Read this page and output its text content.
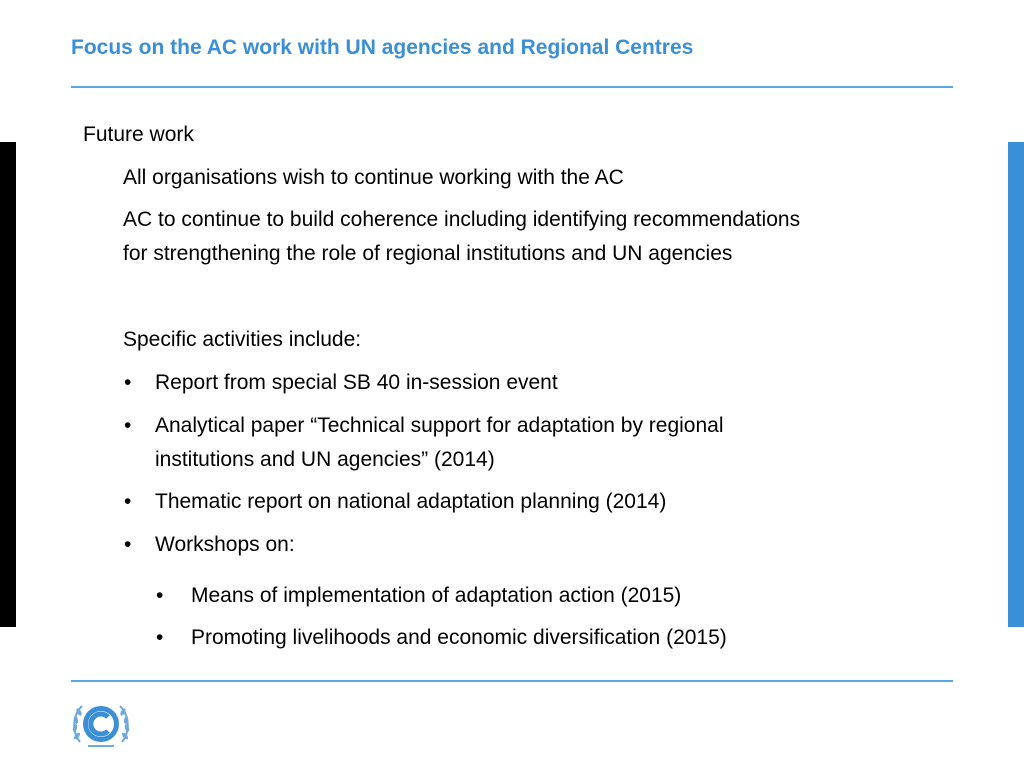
Focus on the AC work with UN agencies and Regional Centres
Future work
All organisations wish to continue working with the AC
AC to continue to build coherence including identifying recommendations
for strengthening the role of regional institutions and UN agencies
Specific activities include:
• Report from special SB 40 in-session event
• Analytical paper “Technical support for adaptation by regional
institutions and UN agencies” (2014)
• Thematic report on national adaptation planning (2014)
• Workshops on:
• Means of implementation of adaptation action (2015)
• Promoting livelihoods and economic diversification (2015)
